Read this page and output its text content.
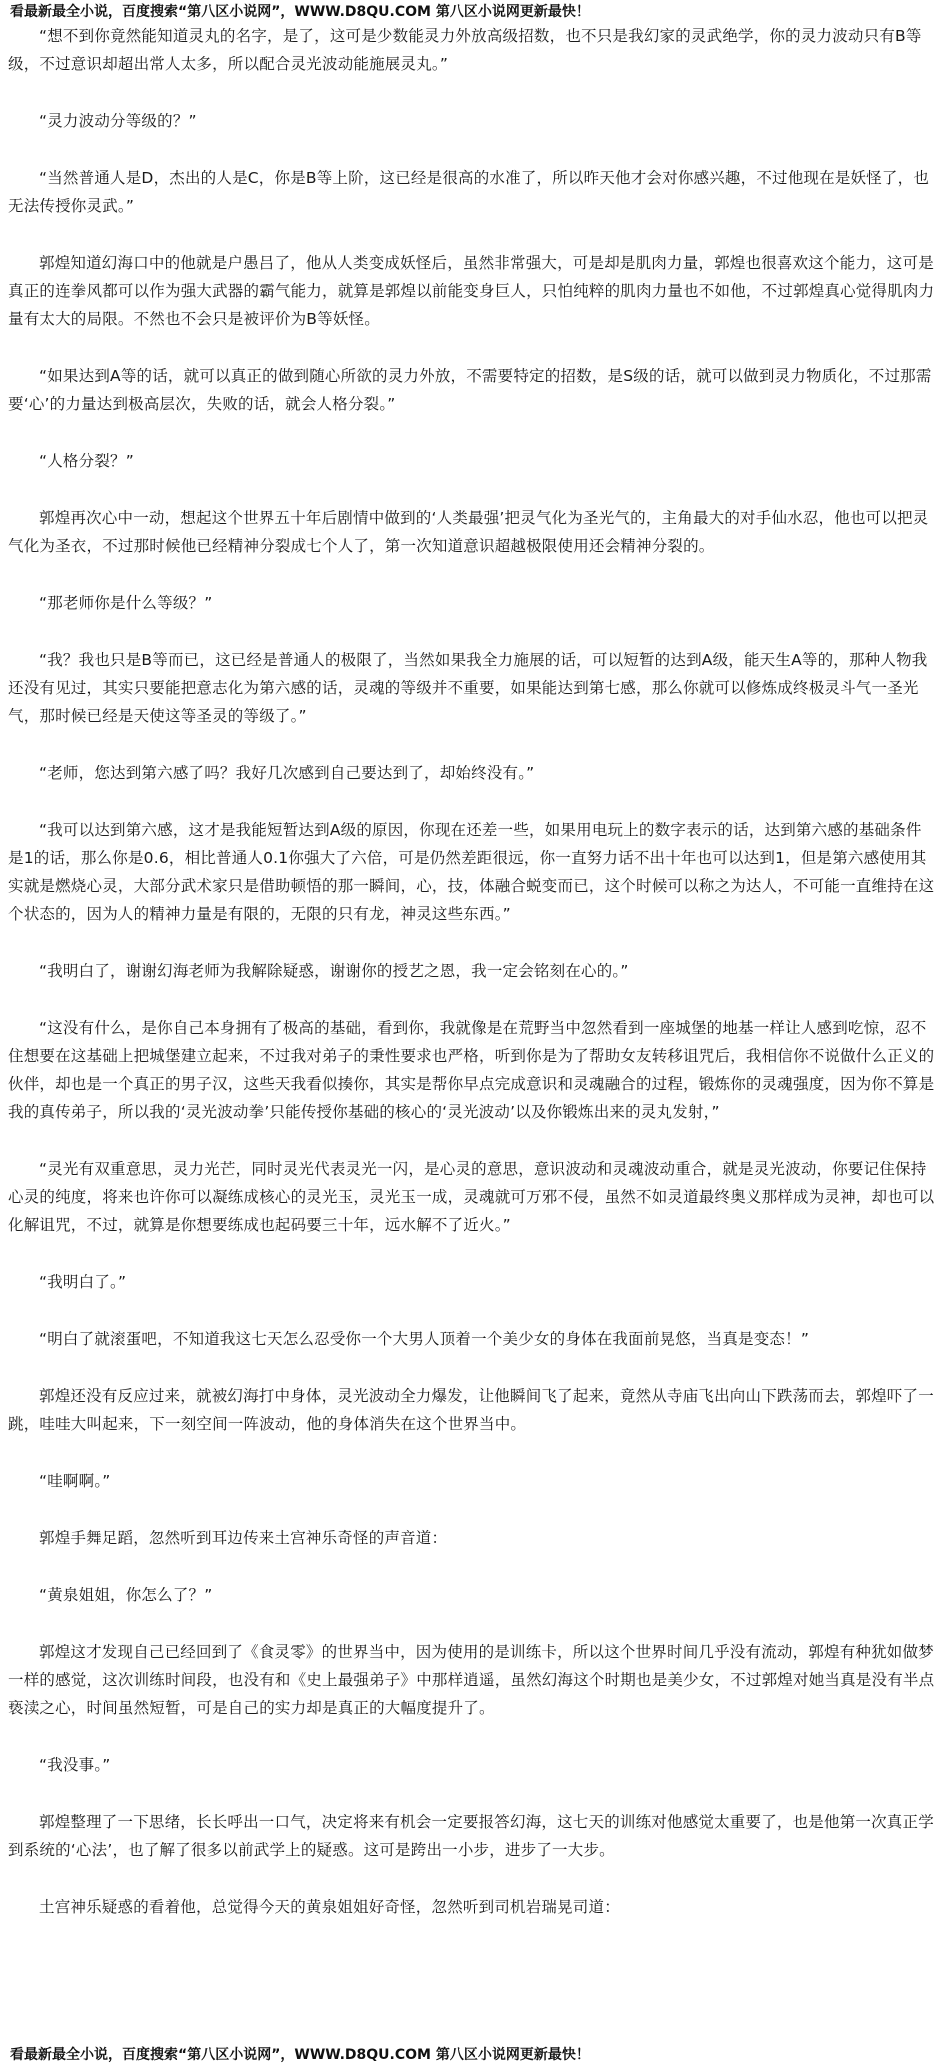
看最新最全小说，百度搜索“第八区小说网”，WWW.D8QU.COM 第八区小说网更新最快！

“想不到你竟然能知道灵丸的名字，是了，这可是少数能灵力外放高级招数，也不只是我幻家的灵武绝学，你的灵力波动只有B等级，不过意识却超出常人太多，所以配合灵光波动能施展灵丸。”

“灵力波动分等级的？”

“当然普通人是D，杰出的人是C，你是B等上阶，这已经是很高的水准了，所以昨天他才会对你感兴趣，不过他现在是妖怪了，也无法传授你灵武。”

郭煌知道幻海口中的他就是户愚吕了，他从人类变成妖怪后，虽然非常强大，可是却是肌肉力量，郭煌也很喜欢这个能力，这可是真正的连拳风都可以作为强大武器的霸气能力，就算是郭煌以前能变身巨人，只怕纯粹的肌肉力量也不如他，不过郭煌真心觉得肌肉力量有太大的局限。不然也不会只是被评价为B等妖怪。

“如果达到A等的话，就可以真正的做到随心所欲的灵力外放，不需要特定的招数，是S级的话，就可以做到灵力物质化，不过那需要‘心’的力量达到极高层次，失败的话，就会人格分裂。”

“人格分裂？”

郭煌再次心中一动，想起这个世界五十年后剧情中做到的‘人类最强’把灵气化为圣光气的，主角最大的对手仙水忍，他也可以把灵气化为圣衣，不过那时候他已经精神分裂成七个人了，第一次知道意识超越极限使用还会精神分裂的。

“那老师你是什么等级？”

“我？我也只是B等而已，这已经是普通人的极限了，当然如果我全力施展的话，可以短暂的达到A级，能天生A等的，那种人物我还没有见过，其实只要能把意志化为第六感的话，灵魂的等级并不重要，如果能达到第七感，那么你就可以修炼成终极灵斗气一圣光气，那时候已经是天使这等圣灵的等级了。”

“老师，您达到第六感了吗？我好几次感到自己要达到了，却始终没有。”

“我可以达到第六感，这才是我能短暂达到A级的原因，你现在还差一些，如果用电玩上的数字表示的话，达到第六感的基础条件是1的话，那么你是0.6，相比普通人0.1你强大了六倍，可是仍然差距很远，你一直努力话不出十年也可以达到1，但是第六感使用其实就是燃烧心灵，大部分武术家只是借助顿悟的那一瞬间，心，技，体融合蜕变而已，这个时候可以称之为达人，不可能一直维持在这个状态的，因为人的精神力量是有限的，无限的只有龙，神灵这些东西。”

“我明白了，谢谢幻海老师为我解除疑惑，谢谢你的授艺之恩，我一定会铭刻在心的。”

“这没有什么，是你自己本身拥有了极高的基础，看到你，我就像是在荒野当中忽然看到一座城堡的地基一样让人感到吃惊，忍不住想要在这基础上把城堡建立起来，不过我对弟子的秉性要求也严格，听到你是为了帮助女友转移诅咒后，我相信你不说做什么正义的伙伴，却也是一个真正的男子汉，这些天我看似揍你，其实是帮你早点完成意识和灵魂融合的过程，锻炼你的灵魂强度，因为你不算是我的真传弟子，所以我的‘灵光波动拳’只能传授你基础的核心的‘灵光波动’以及你锻炼出来的灵丸发射，”

“灵光有双重意思，灵力光芒，同时灵光代表灵光一闪，是心灵的意思，意识波动和灵魂波动重合，就是灵光波动，你要记住保持心灵的纯度，将来也许你可以凝练成核心的灵光玉，灵光玉一成，灵魂就可万邪不侵，虽然不如灵道最终奥义那样成为灵神，却也可以化解诅咒，不过，就算是你想要练成也起码要三十年，远水解不了近火。”

“我明白了。”

“明白了就滚蛋吧，不知道我这七天怎么忍受你一个大男人顶着一个美少女的身体在我面前晃悠，当真是变态！”

郭煌还没有反应过来，就被幻海打中身体，灵光波动全力爆发，让他瞬间飞了起来，竟然从寺庙飞出向山下跌荡而去，郭煌吓了一跳，哇哇大叫起来，下一刻空间一阵波动，他的身体消失在这个世界当中。

“哇啊啊。”

郭煌手舞足蹈，忽然听到耳边传来土宫神乐奇怪的声音道：

“黄泉姐姐，你怎么了？”

郭煌这才发现自己已经回到了《食灵零》的世界当中，因为使用的是训练卡，所以这个世界时间几乎没有流动，郭煌有种犹如做梦一样的感觉，这次训练时间段，也没有和《史上最强弟子》中那样逍遥，虽然幻海这个时期也是美少女，不过郭煌对她当真是没有半点亵渎之心，时间虽然短暂，可是自己的实力却是真正的大幅度提升了。

“我没事。”

郭煌整理了一下思绪，长长呼出一口气，决定将来有机会一定要报答幻海，这七天的训练对他感觉太重要了，也是他第一次真正学到系统的‘心法’，也了解了很多以前武学上的疑惑。这可是跨出一小步，进步了一大步。

土宫神乐疑惑的看着他，总觉得今天的黄泉姐姐好奇怪，忽然听到司机岩瑞晃司道：

看最新最全小说，百度搜索“第八区小说网”，WWW.D8QU.COM 第八区小说网更新最快！
